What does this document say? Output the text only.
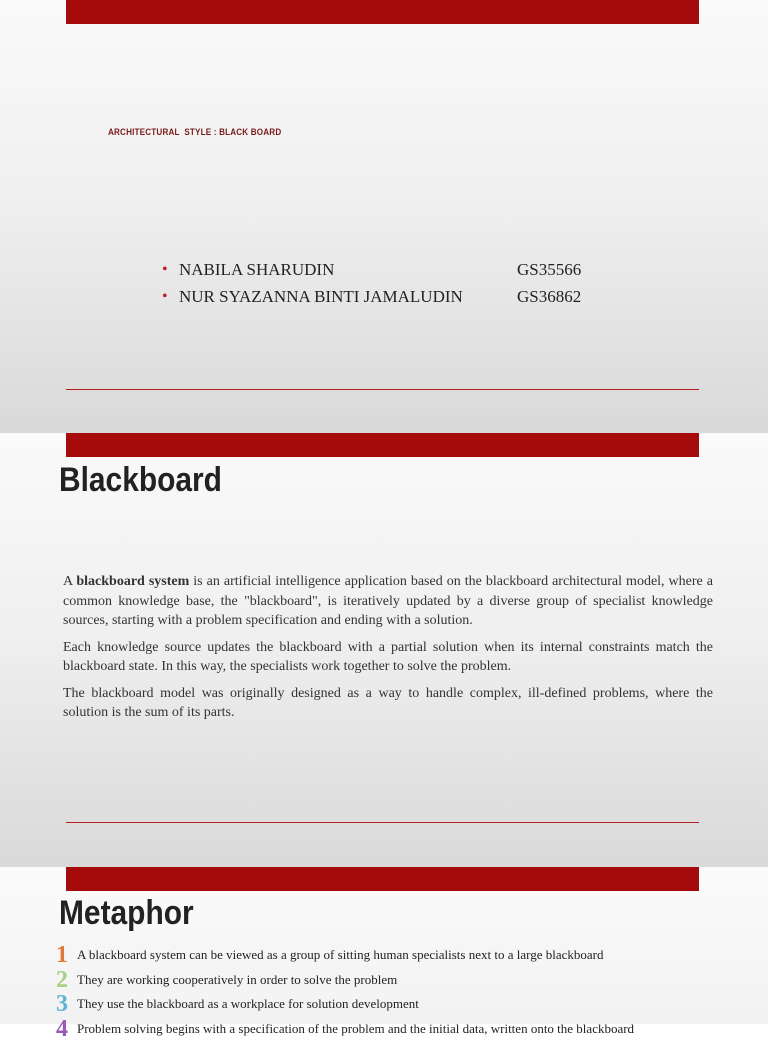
ARCHITECTURAL  STYLE : BLACK BOARD
• NABILA SHARUDIN	GS35566
• NUR SYAZANNA BINTI JAMALUDIN	GS36862
Blackboard

A blackboard system is an artificial intelligence application based on the blackboard architectural model, where a common knowledge base, the "blackboard", is iteratively updated by a diverse group of specialist knowledge sources, starting with a problem specification and ending with a solution.

Each knowledge source updates the blackboard with a partial solution when its internal constraints match the blackboard state. In this way, the specialists work together to solve the problem.

The blackboard model was originally designed as a way to handle complex, ill-defined problems, where the solution is the sum of its parts.

Metaphor
1 A blackboard system can be viewed as a group of sitting human specialists next to a large blackboard
2 They are working cooperatively in order to solve the problem
3 They use the blackboard as a workplace for solution development
4 Problem solving begins with a specification of the problem and the initial data, written onto the blackboard
